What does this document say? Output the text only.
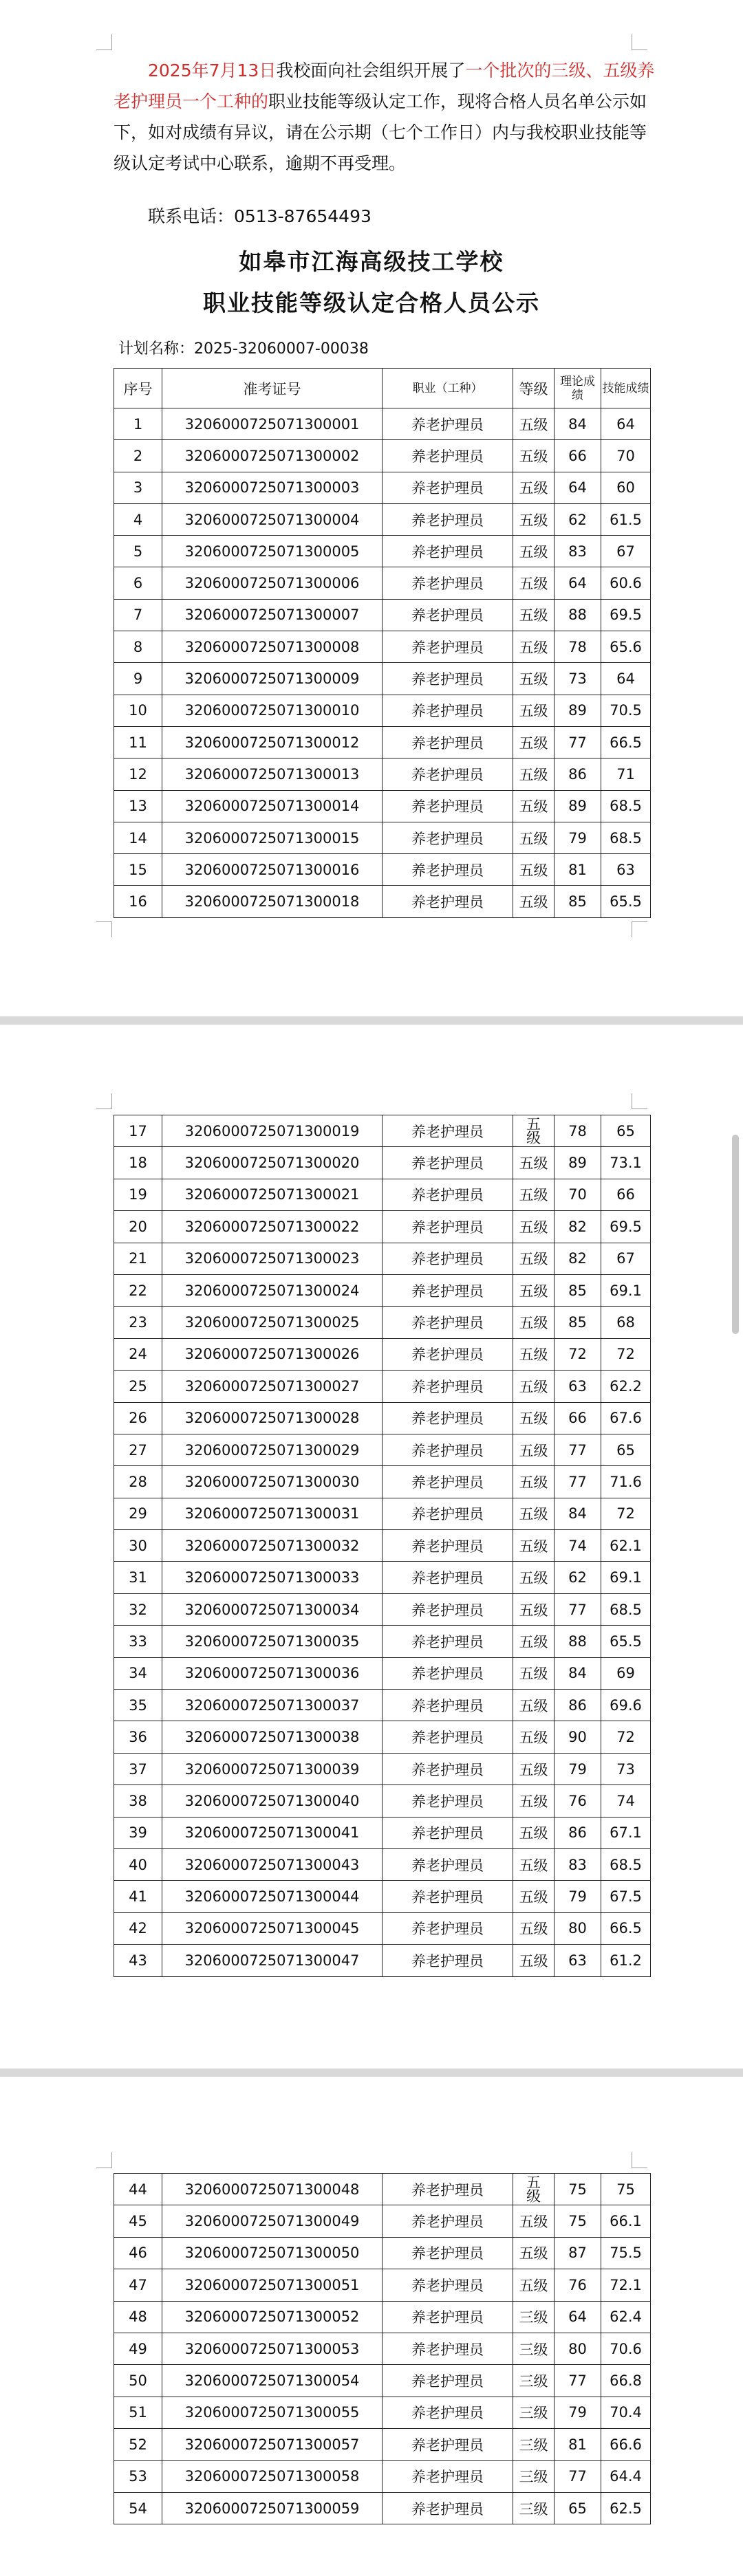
2025年7月13日我校面向社会组织开展了一个批次的三级、五级养老护理员一个工种的职业技能等级认定工作，现将合格人员名单公示如下，如对成绩有异议，请在公示期（七个工作日）内与我校职业技能等级认定考试中心联系，逾期不再受理。

联系电话：0513-87654493
如皋市江海高级技工学校
职业技能等级认定合格人员公示
计划名称：2025-32060007-00038
序号	准考证号	职业（工种）	等级	理论成绩	技能成绩
1	3206000725071300001	养老护理员	五级	84	64
2	3206000725071300002	养老护理员	五级	66	70
3	3206000725071300003	养老护理员	五级	64	60
4	3206000725071300004	养老护理员	五级	62	61.5
5	3206000725071300005	养老护理员	五级	83	67
6	3206000725071300006	养老护理员	五级	64	60.6
7	3206000725071300007	养老护理员	五级	88	69.5
8	3206000725071300008	养老护理员	五级	78	65.6
9	3206000725071300009	养老护理员	五级	73	64
10	3206000725071300010	养老护理员	五级	89	70.5
11	3206000725071300012	养老护理员	五级	77	66.5
12	3206000725071300013	养老护理员	五级	86	71
13	3206000725071300014	养老护理员	五级	89	68.5
14	3206000725071300015	养老护理员	五级	79	68.5
15	3206000725071300016	养老护理员	五级	81	63
16	3206000725071300018	养老护理员	五级	85	65.5
17	3206000725071300019	养老护理员	五级	78	65
18	3206000725071300020	养老护理员	五级	89	73.1
19	3206000725071300021	养老护理员	五级	70	66
20	3206000725071300022	养老护理员	五级	82	69.5
21	3206000725071300023	养老护理员	五级	82	67
22	3206000725071300024	养老护理员	五级	85	69.1
23	3206000725071300025	养老护理员	五级	85	68
24	3206000725071300026	养老护理员	五级	72	72
25	3206000725071300027	养老护理员	五级	63	62.2
26	3206000725071300028	养老护理员	五级	66	67.6
27	3206000725071300029	养老护理员	五级	77	65
28	3206000725071300030	养老护理员	五级	77	71.6
29	3206000725071300031	养老护理员	五级	84	72
30	3206000725071300032	养老护理员	五级	74	62.1
31	3206000725071300033	养老护理员	五级	62	69.1
32	3206000725071300034	养老护理员	五级	77	68.5
33	3206000725071300035	养老护理员	五级	88	65.5
34	3206000725071300036	养老护理员	五级	84	69
35	3206000725071300037	养老护理员	五级	86	69.6
36	3206000725071300038	养老护理员	五级	90	72
37	3206000725071300039	养老护理员	五级	79	73
38	3206000725071300040	养老护理员	五级	76	74
39	3206000725071300041	养老护理员	五级	86	67.1
40	3206000725071300043	养老护理员	五级	83	68.5
41	3206000725071300044	养老护理员	五级	79	67.5
42	3206000725071300045	养老护理员	五级	80	66.5
43	3206000725071300047	养老护理员	五级	63	61.2
44	3206000725071300048	养老护理员	五级	75	75
45	3206000725071300049	养老护理员	五级	75	66.1
46	3206000725071300050	养老护理员	五级	87	75.5
47	3206000725071300051	养老护理员	五级	76	72.1
48	3206000725071300052	养老护理员	三级	64	62.4
49	3206000725071300053	养老护理员	三级	80	70.6
50	3206000725071300054	养老护理员	三级	77	66.8
51	3206000725071300055	养老护理员	三级	79	70.4
52	3206000725071300057	养老护理员	三级	81	66.6
53	3206000725071300058	养老护理员	三级	77	64.4
54	3206000725071300059	养老护理员	三级	65	62.5
